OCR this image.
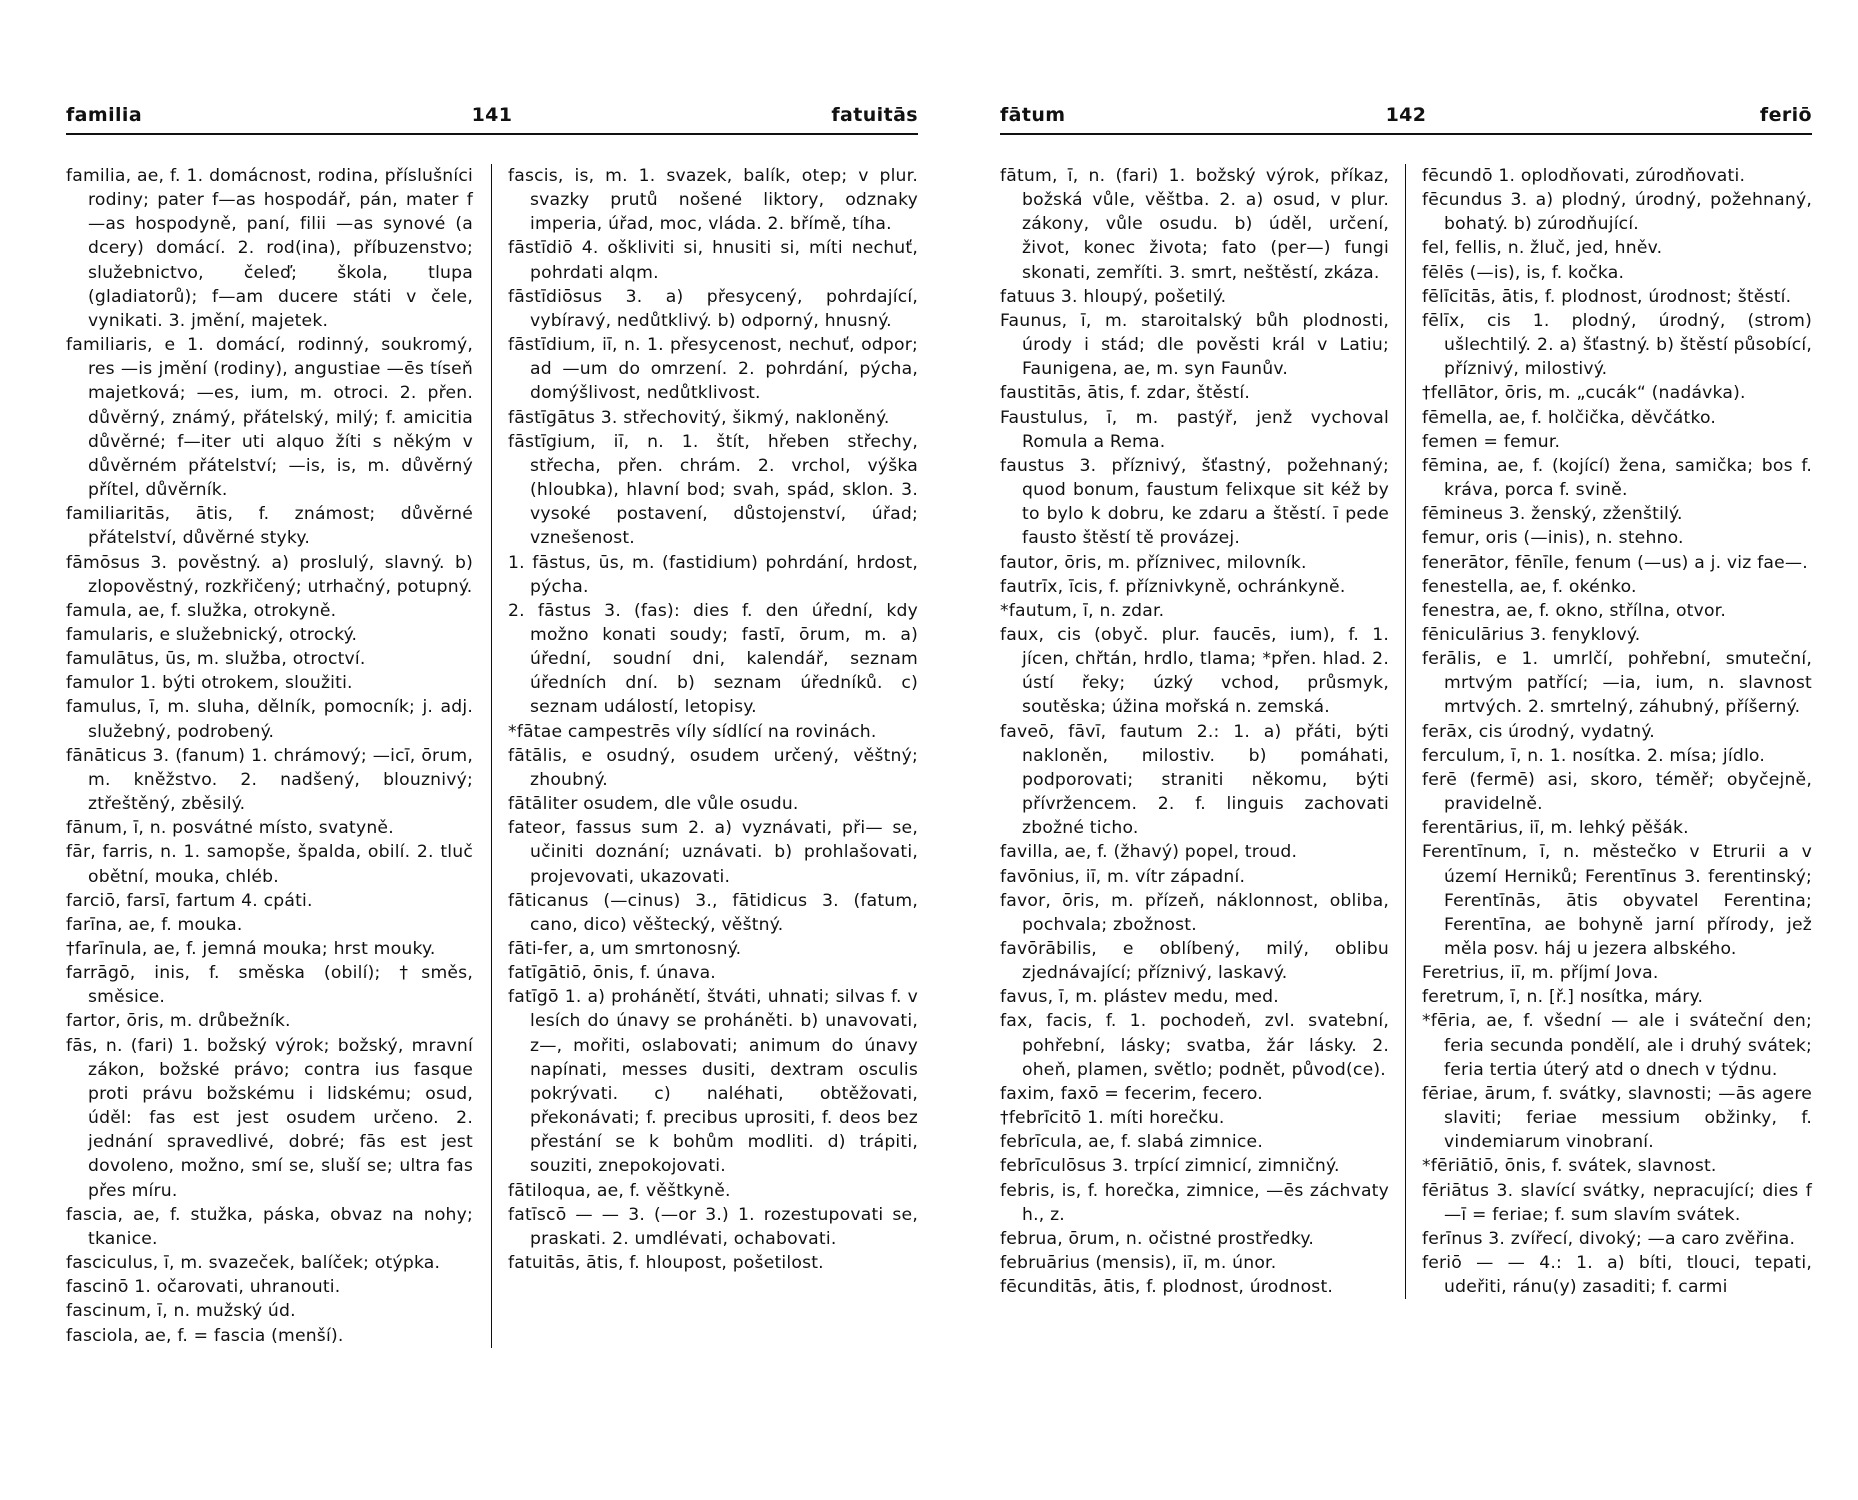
familia	141	fatuitās

familia, ae, f. 1. domácnost, rodina, příslušníci rodiny; pater f—as hospodář, pán, mater f—as hospodyně, paní, filii —as synové (a dcery) domácí. 2. rod(ina), příbuzenstvo; služebnictvo, čeleď; škola, tlupa (gladiatorů); f—am ducere státi v čele, vynikati. 3. jmění, majetek.

familiaris, e 1. domácí, rodinný, soukromý, res —is jmění (rodiny), angustiae —ēs tíseň majetková; —es, ium, m. otroci. 2. přen. důvěrný, známý, přátelský, milý; f. amicitia důvěrné; f—iter uti alquo žíti s někým v důvěrném přátelství; —is, is, m. důvěrný přítel, důvěrník.

familiaritās, ātis, f. známost; důvěrné přátelství, důvěrné styky.

fāmōsus 3. pověstný. a) proslulý, slavný. b) zlopověstný, rozkřičený; utrhačný, potupný.

famula, ae, f. služka, otrokyně.

famularis, e služebnický, otrocký.

famulātus, ūs, m. služba, otroctví.

famulor 1. býti otrokem, sloužiti.

famulus, ī, m. sluha, dělník, pomocník; j. adj. služebný, podrobený.

fānāticus 3. (fanum) 1. chrámový; —icī, ōrum, m. kněžstvo. 2. nadšený, blouznivý; ztřeštěný, zběsilý.

fānum, ī, n. posvátné místo, svatyně.

fār, farris, n. 1. samopše, špalda, obilí. 2. tluč obětní, mouka, chléb.

farciō, farsī, fartum 4. cpáti.

farīna, ae, f. mouka.

†farīnula, ae, f. jemná mouka; hrst mouky.

farrāgō, inis, f. směska (obilí); †směs, směsice.

fartor, ōris, m. drůbežník.

fās, n. (fari) 1. božský výrok; božský, mravní zákon, božské právo; contra ius fasque proti právu božskému i lidskému; osud, úděl: fas est jest osudem určeno. 2. jednání spravedlivé, dobré; fās est jest dovoleno, možno, smí se, sluší se; ultra fas přes míru.

fascia, ae, f. stužka, páska, obvaz na nohy; tkanice.

fasciculus, ī, m. svazeček, balíček; otýpka.

fascinō 1. očarovati, uhranouti.

fascinum, ī, n. mužský úd.

fasciola, ae, f. = fascia (menší).

fascis, is, m. 1. svazek, balík, otep; v plur. svazky prutů nošené liktory, odznaky imperia, úřad, moc, vláda. 2. břímě, tíha.

fāstīdiō 4. oškliviti si, hnusiti si, míti nechuť, pohrdati alqm.

fāstīdiōsus 3. a) přesycený, pohrdající, vybíravý, nedůtklivý. b) odporný, hnusný.

fāstīdium, iī, n. 1. přesycenost, nechuť, odpor; ad —um do omrzení. 2. pohrdání, pýcha, domýšlivost, nedůtklivost.

fāstīgātus 3. střechovitý, šikmý, nakloněný.

fāstīgium, iī, n. 1. štít, hřeben střechy, střecha, přen. chrám. 2. vrchol, výška (hloubka), hlavní bod; svah, spád, sklon. 3. vysoké postavení, důstojenství, úřad; vznešenost.

1. fāstus, ūs, m. (fastidium) pohrdání, hrdost, pýcha.

2. fāstus 3. (fas): dies f. den úřední, kdy možno konati soudy; fastī, ōrum, m. a) úřední, soudní dni, kalendář, seznam úředních dní. b) seznam úředníků. c) seznam událostí, letopisy.

*fātae campestrēs víly sídlící na rovinách.

fātālis, e osudný, osudem určený, věštný; zhoubný.

fātāliter osudem, dle vůle osudu.

fateor, fassus sum 2. a) vyznávati, při— se, učiniti doznání; uznávati. b) prohlašovati, projevovati, ukazovati.

fāticanus (—cinus) 3., fātidicus 3. (fatum, cano, dico) věštecký, věštný.

fāti-fer, a, um smrtonosný.

fatīgātiō, ōnis, f. únava.

fatīgō 1. a) prohánětí, štváti, uhnati; silvas f. v lesích do únavy se proháněti. b) unavovati, z—, mořiti, oslabovati; animum do únavy napínati, messes dusiti, dextram osculis pokrývati. c) naléhati, obtěžovati, překonávati; f. precibus uprositi, f. deos bez přestání se k bohům modliti. d) trápiti, souziti, znepokojovati.

fātiloqua, ae, f. věštkyně.

fatīscō — — 3. (—or 3.) 1. rozestupovati se, praskati. 2. umdlévati, ochabovati.

fatuitās, ātis, f. hloupost, pošetilost.

fātum	142	feriō

fātum, ī, n. (fari) 1. božský výrok, příkaz, božská vůle, věštba. 2. a) osud, v plur. zákony, vůle osudu. b) úděl, určení, život, konec života; fato (per—) fungi skonati, zemříti. 3. smrt, neštěstí, zkáza.

fatuus 3. hloupý, pošetilý.

Faunus, ī, m. staroitalský bůh plodnosti, úrody i stád; dle pověsti král v Latiu; Faunigena, ae, m. syn Faunův.

faustitās, ātis, f. zdar, štěstí.

Faustulus, ī, m. pastýř, jenž vychoval Romula a Rema.

faustus 3. příznivý, šťastný, požehnaný; quod bonum, faustum felixque sit kéž by to bylo k dobru, ke zdaru a štěstí. ī pede fausto štěstí tě provázej.

fautor, ōris, m. příznivec, milovník.

fautrīx, īcis, f. příznivkyně, ochránkyně.

*fautum, ī, n. zdar.

faux, cis (obyč. plur. faucēs, ium), f. 1. jícen, chřtán, hrdlo, tlama; *přen. hlad. 2. ústí řeky; úzký vchod, průsmyk, soutěska; úžina mořská n. zemská.

faveō, fāvī, fautum 2.: 1. a) přáti, býti nakloněn, milostiv. b) pomáhati, podporovati; straniti někomu, býti přívržencem. 2. f. linguis zachovati zbožné ticho.

favilla, ae, f. (žhavý) popel, troud.

favōnius, iī, m. vítr západní.

favor, ōris, m. přízeň, náklonnost, obliba, pochvala; zbožnost.

favōrābilis, e oblíbený, milý, oblibu zjednávající; příznivý, laskavý.

favus, ī, m. plástev medu, med.

fax, facis, f. 1. pochodeň, zvl. svatební, pohřební, lásky; svatba, žár lásky. 2. oheň, plamen, světlo; podnět, původ(ce).

faxim, faxō = fecerim, fecero.

†febrīcitō 1. míti horečku.

febrīcula, ae, f. slabá zimnice.

febrīculōsus 3. trpící zimnicí, zimničný.

febris, is, f. horečka, zimnice, —ēs záchvaty h., z.

februa, ōrum, n. očistné prostředky.

februārius (mensis), iī, m. únor.

fēcunditās, ātis, f. plodnost, úrodnost.

fēcundō 1. oplodňovati, zúrodňovati.

fēcundus 3. a) plodný, úrodný, požehnaný, bohatý. b) zúrodňující.

fel, fellis, n. žluč, jed, hněv.

fēlēs (—is), is, f. kočka.

fēlīcitās, ātis, f. plodnost, úrodnost; štěstí.

fēlīx, cis 1. plodný, úrodný, (strom) ušlechtilý. 2. a) šťastný. b) štěstí působící, příznivý, milostivý.

†fellātor, ōris, m. „cucák“ (nadávka).

fēmella, ae, f. holčička, děvčátko.

femen = femur.

fēmina, ae, f. (kojící) žena, samička; bos f. kráva, porca f. svině.

fēmineus 3. ženský, zženštilý.

femur, oris (—inis), n. stehno.

fenerātor, fēnīle, fenum (—us) a j. viz fae—.

fenestella, ae, f. okénko.

fenestra, ae, f. okno, střílna, otvor.

fēniculārius 3. fenyklový.

ferālis, e 1. umrlčí, pohřební, smuteční, mrtvým patřící; —ia, ium, n. slavnost mrtvých. 2. smrtelný, záhubný, příšerný.

ferāx, cis úrodný, vydatný.

ferculum, ī, n. 1. nosítka. 2. mísa; jídlo.

ferē (fermē) asi, skoro, téměř; obyčejně, pravidelně.

ferentārius, iī, m. lehký pěšák.

Ferentīnum, ī, n. městečko v Etrurii a v území Herniků; Ferentīnus 3. ferentinský; Ferentīnās, ātis obyvatel Ferentina; Ferentīna, ae bohyně jarní přírody, jež měla posv. háj u jezera albského.

Feretrius, iī, m. příjmí Jova.

feretrum, ī, n. [ř.] nosítka, máry.

*fēria, ae, f. všední — ale i sváteční den; feria secunda pondělí, ale i druhý svátek; feria tertia úterý atd o dnech v týdnu.

fēriae, ārum, f. svátky, slavnosti; —ās agere slaviti; feriae messium obžinky, f. vindemiarum vinobraní.

*fēriātiō, ōnis, f. svátek, slavnost.

fēriātus 3. slavící svátky, nepracující; dies f—ī = feriae; f. sum slavím svátek.

ferīnus 3. zvířecí, divoký; —a caro zvěřina.

feriō — — 4.: 1. a) bíti, tlouci, tepati, udeřiti, ránu(y) zasaditi; f. carmi
